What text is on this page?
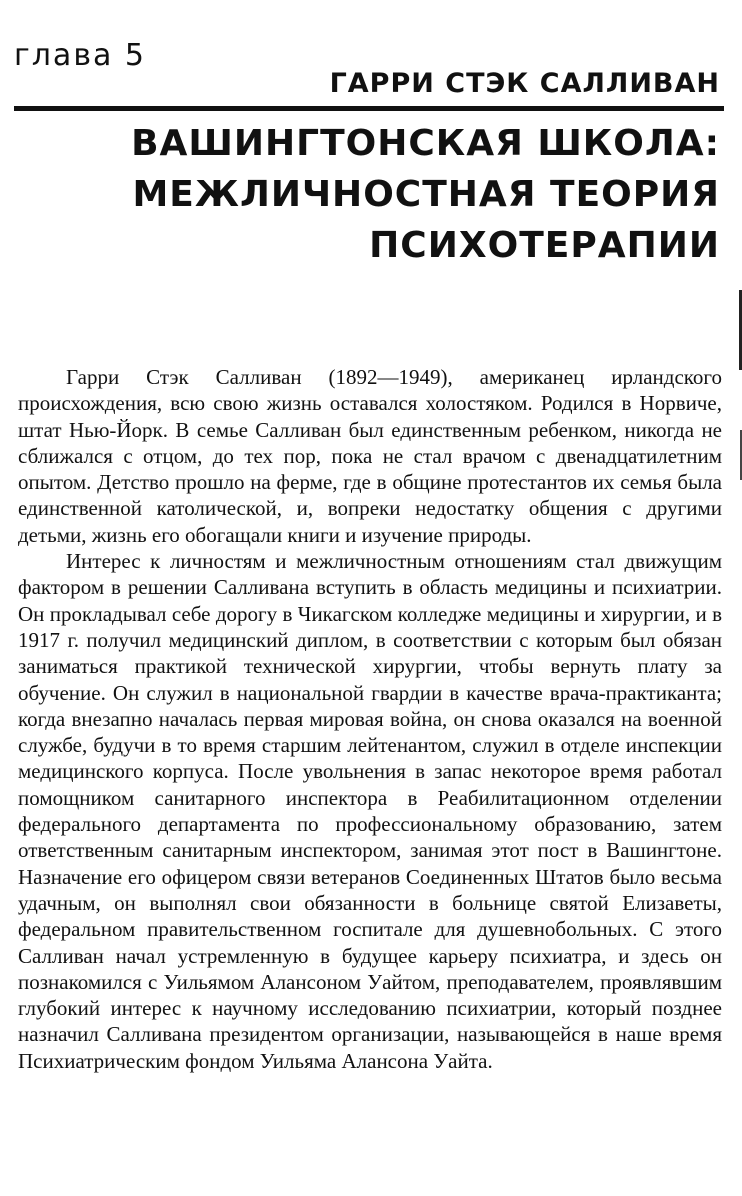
глава 5
ГАРРИ СТЭК САЛЛИВАН
ВАШИНГТОНСКАЯ ШКОЛА:
МЕЖЛИЧНОСТНАЯ ТЕОРИЯ
ПСИХОТЕРАПИИ

Гарри Стэк Салливан (1892—1949), американец ирландского происхождения, всю свою жизнь оставался холостяком. Родился в Норвиче, штат Нью-Йорк. В семье Салливан был единственным ребенком, никогда не сближался с отцом, до тех пор, пока не стал врачом с двенадцатилетним опытом. Детство прошло на ферме, где в общине протестантов их семья была единственной католической, и, вопреки недостатку общения с другими детьми, жизнь его обогащали книги и изучение природы.

Интерес к личностям и межличностным отношениям стал движущим фактором в решении Салливана вступить в область медицины и психиатрии. Он прокладывал себе дорогу в Чикагском колледже медицины и хирургии, и в 1917 г. получил медицинский диплом, в соответствии с которым был обязан заниматься практикой технической хирургии, чтобы вернуть плату за обучение. Он служил в национальной гвардии в качестве врача-практиканта; когда внезапно началась первая мировая война, он снова оказался на военной службе, будучи в то время старшим лейтенантом, служил в отделе инспекции медицинского корпуса. После увольнения в запас некоторое время работал помощником санитарного инспектора в Реабилитационном отделении федерального департамента по профессиональному образованию, затем ответственным санитарным инспектором, занимая этот пост в Вашингтоне. Назначение его офицером связи ветеранов Соединенных Штатов было весьма удачным, он выполнял свои обязанности в больнице святой Елизаветы, федеральном правительственном госпитале для душевнобольных. С этого Салливан начал устремленную в будущее карьеру психиатра, и здесь он познакомился с Уильямом Алансоном Уайтом, преподавателем, проявлявшим глубокий интерес к научному исследованию психиатрии, который позднее назначил Салливана президентом организации, называющейся в наше время Психиатрическим фондом Уильяма Алансона Уайта.
